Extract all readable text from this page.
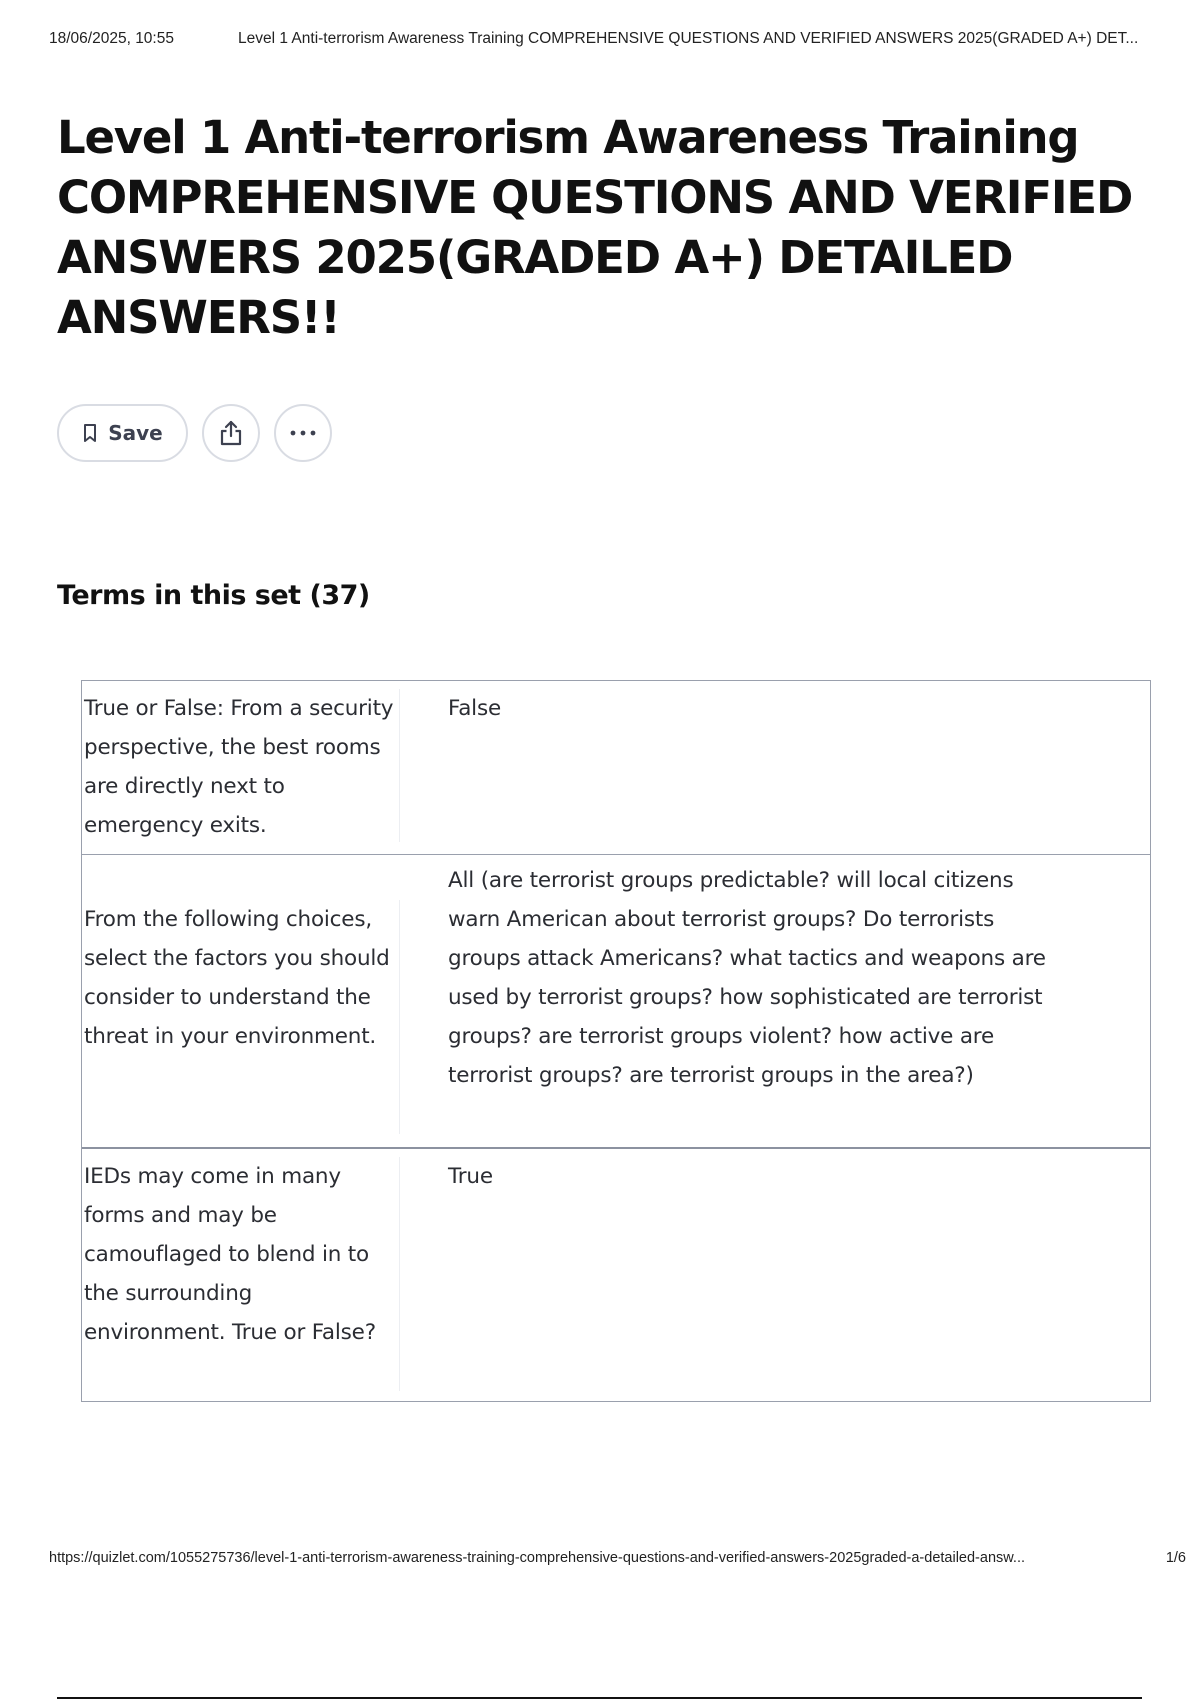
18/06/2025, 10:55	Level 1 Anti-terrorism Awareness Training COMPREHENSIVE QUESTIONS AND VERIFIED ANSWERS 2025(GRADED A+) DET...
Level 1 Anti-terrorism Awareness Training COMPREHENSIVE QUESTIONS AND VERIFIED ANSWERS 2025(GRADED A+) DETAILED ANSWERS!!
Save
Terms in this set (37)
True or False: From a security perspective, the best rooms are directly next to emergency exits.
False
From the following choices, select the factors you should consider to understand the threat in your environment.
All (are terrorist groups predictable? will local citizens warn American about terrorist groups? Do terrorists groups attack Americans? what tactics and weapons are used by terrorist groups? how sophisticated are terrorist groups? are terrorist groups violent? how active are terrorist groups? are terrorist groups in the area?)
IEDs may come in many forms and may be camouflaged to blend in to the surrounding environment. True or False?
True
https://quizlet.com/1055275736/level-1-anti-terrorism-awareness-training-comprehensive-questions-and-verified-answers-2025graded-a-detailed-answ...	1/6
